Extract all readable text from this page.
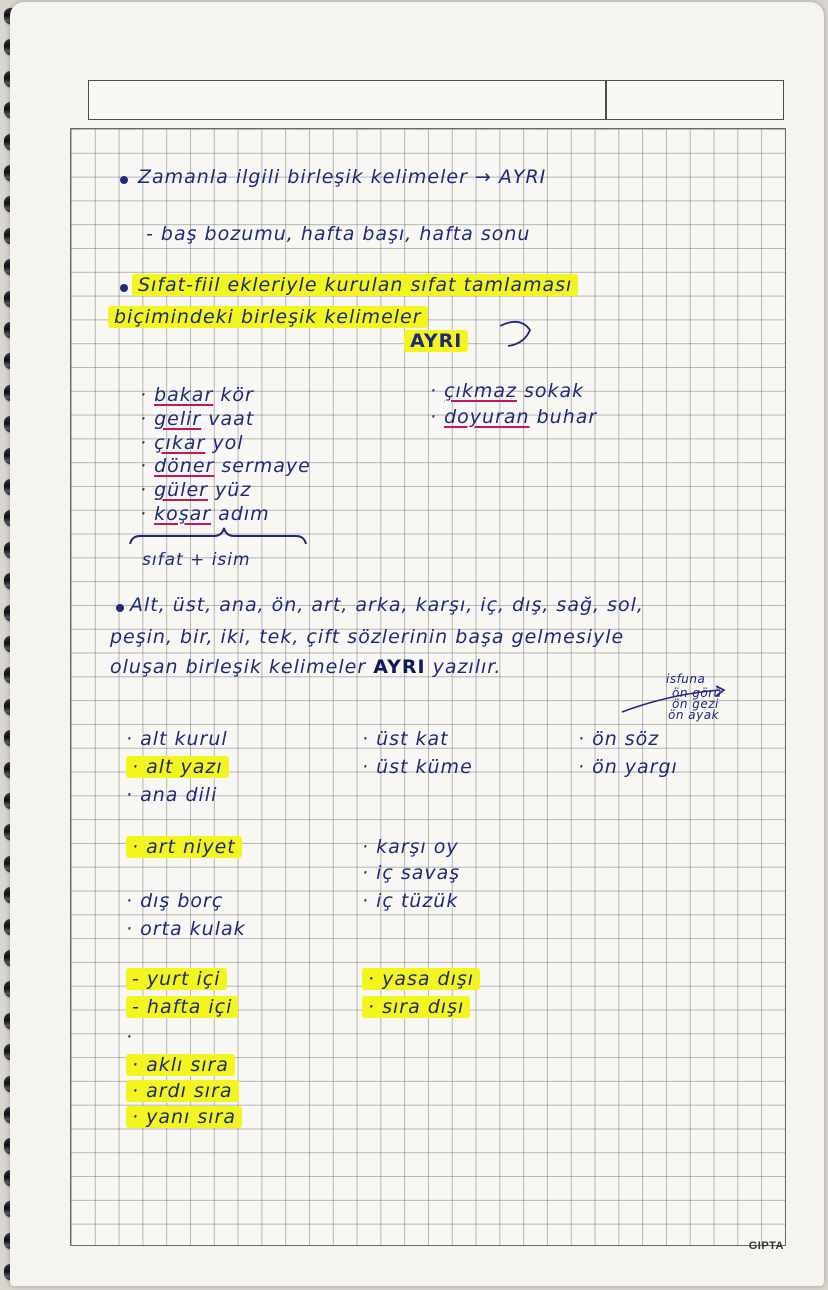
Zamanla ilgili birleşik kelimeler → AYRI
- baş bozumu, hafta başı, hafta sonu
Sıfat-fiil ekleriyle kurulan sıfat tamlaması
biçimindeki birleşik kelimeler
AYRI
· bakar kör
· gelir vaat
· çıkar yol
· döner sermaye
· güler yüz
· koşar adım
· çıkmaz sokak
· doyuran buhar
sıfat + isim
Alt, üst, ana, ön, art, arka, karşı, iç, dış, sağ, sol,
peşin, bir, iki, tek, çift sözlerinin başa gelmesiyle
oluşan birleşik kelimeler AYRI yazılır.
isfuna
ön görü
ön gezi
ön ayak
· alt kurul
· alt yazı
· ana dili
· art niyet
· dış borç
· orta kulak
- yurt içi
- hafta içi
·
· aklı sıra
· ardı sıra
· yanı sıra
· üst kat
· üst küme
· karşı oy
· iç savaş
· iç tüzük
· yasa dışı
· sıra dışı
· ön söz
· ön yargı
GIPTA
